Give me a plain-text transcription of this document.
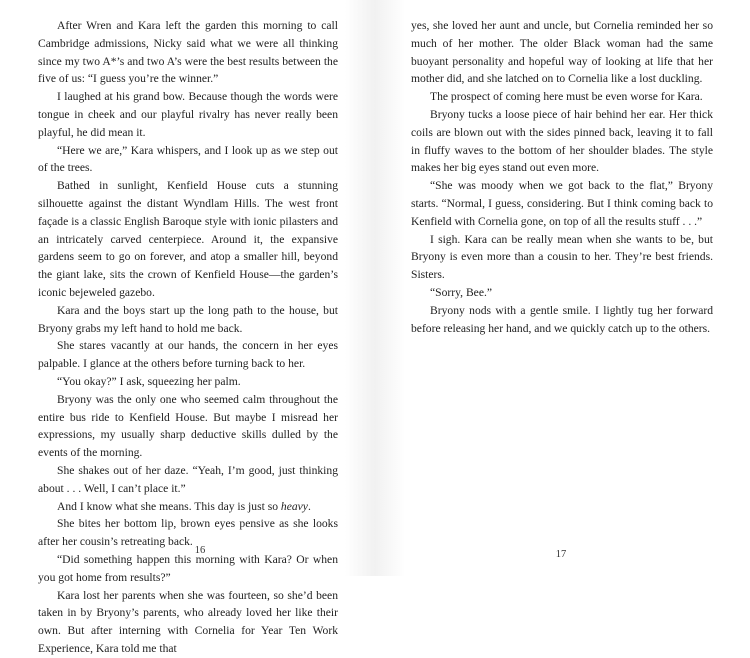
After Wren and Kara left the garden this morning to call Cambridge admissions, Nicky said what we were all thinking since my two A*’s and two A’s were the best results between the five of us: “I guess you’re the winner.”

I laughed at his grand bow. Because though the words were tongue in cheek and our playful rivalry has never really been playful, he did mean it.

“Here we are,” Kara whispers, and I look up as we step out of the trees.

Bathed in sunlight, Kenfield House cuts a stunning silhouette against the distant Wyndlam Hills. The west front façade is a classic English Baroque style with ionic pilasters and an intricately carved centerpiece. Around it, the expansive gardens seem to go on forever, and atop a smaller hill, beyond the giant lake, sits the crown of Kenfield House—the garden’s iconic bejeweled gazebo.

Kara and the boys start up the long path to the house, but Bryony grabs my left hand to hold me back.

She stares vacantly at our hands, the concern in her eyes palpable. I glance at the others before turning back to her.

“You okay?” I ask, squeezing her palm.

Bryony was the only one who seemed calm throughout the entire bus ride to Kenfield House. But maybe I misread her expressions, my usually sharp deductive skills dulled by the events of the morning.

She shakes out of her daze. “Yeah, I’m good, just thinking about . . . Well, I can’t place it.”

And I know what she means. This day is just so heavy.

She bites her bottom lip, brown eyes pensive as she looks after her cousin’s retreating back.

“Did something happen this morning with Kara? Or when you got home from results?”

Kara lost her parents when she was fourteen, so she’d been taken in by Bryony’s parents, who already loved her like their own. But after interning with Cornelia for Year Ten Work Experience, Kara told me that

16

yes, she loved her aunt and uncle, but Cornelia reminded her so much of her mother. The older Black woman had the same buoyant personality and hopeful way of looking at life that her mother did, and she latched on to Cornelia like a lost duckling.

The prospect of coming here must be even worse for Kara.

Bryony tucks a loose piece of hair behind her ear. Her thick coils are blown out with the sides pinned back, leaving it to fall in fluffy waves to the bottom of her shoulder blades. The style makes her big eyes stand out even more.

“She was moody when we got back to the flat,” Bryony starts. “Normal, I guess, considering. But I think coming back to Kenfield with Cornelia gone, on top of all the results stuff . . .”

I sigh. Kara can be really mean when she wants to be, but Bryony is even more than a cousin to her. They’re best friends. Sisters.

“Sorry, Bee.”

Bryony nods with a gentle smile. I lightly tug her forward before releasing her hand, and we quickly catch up to the others.

17
